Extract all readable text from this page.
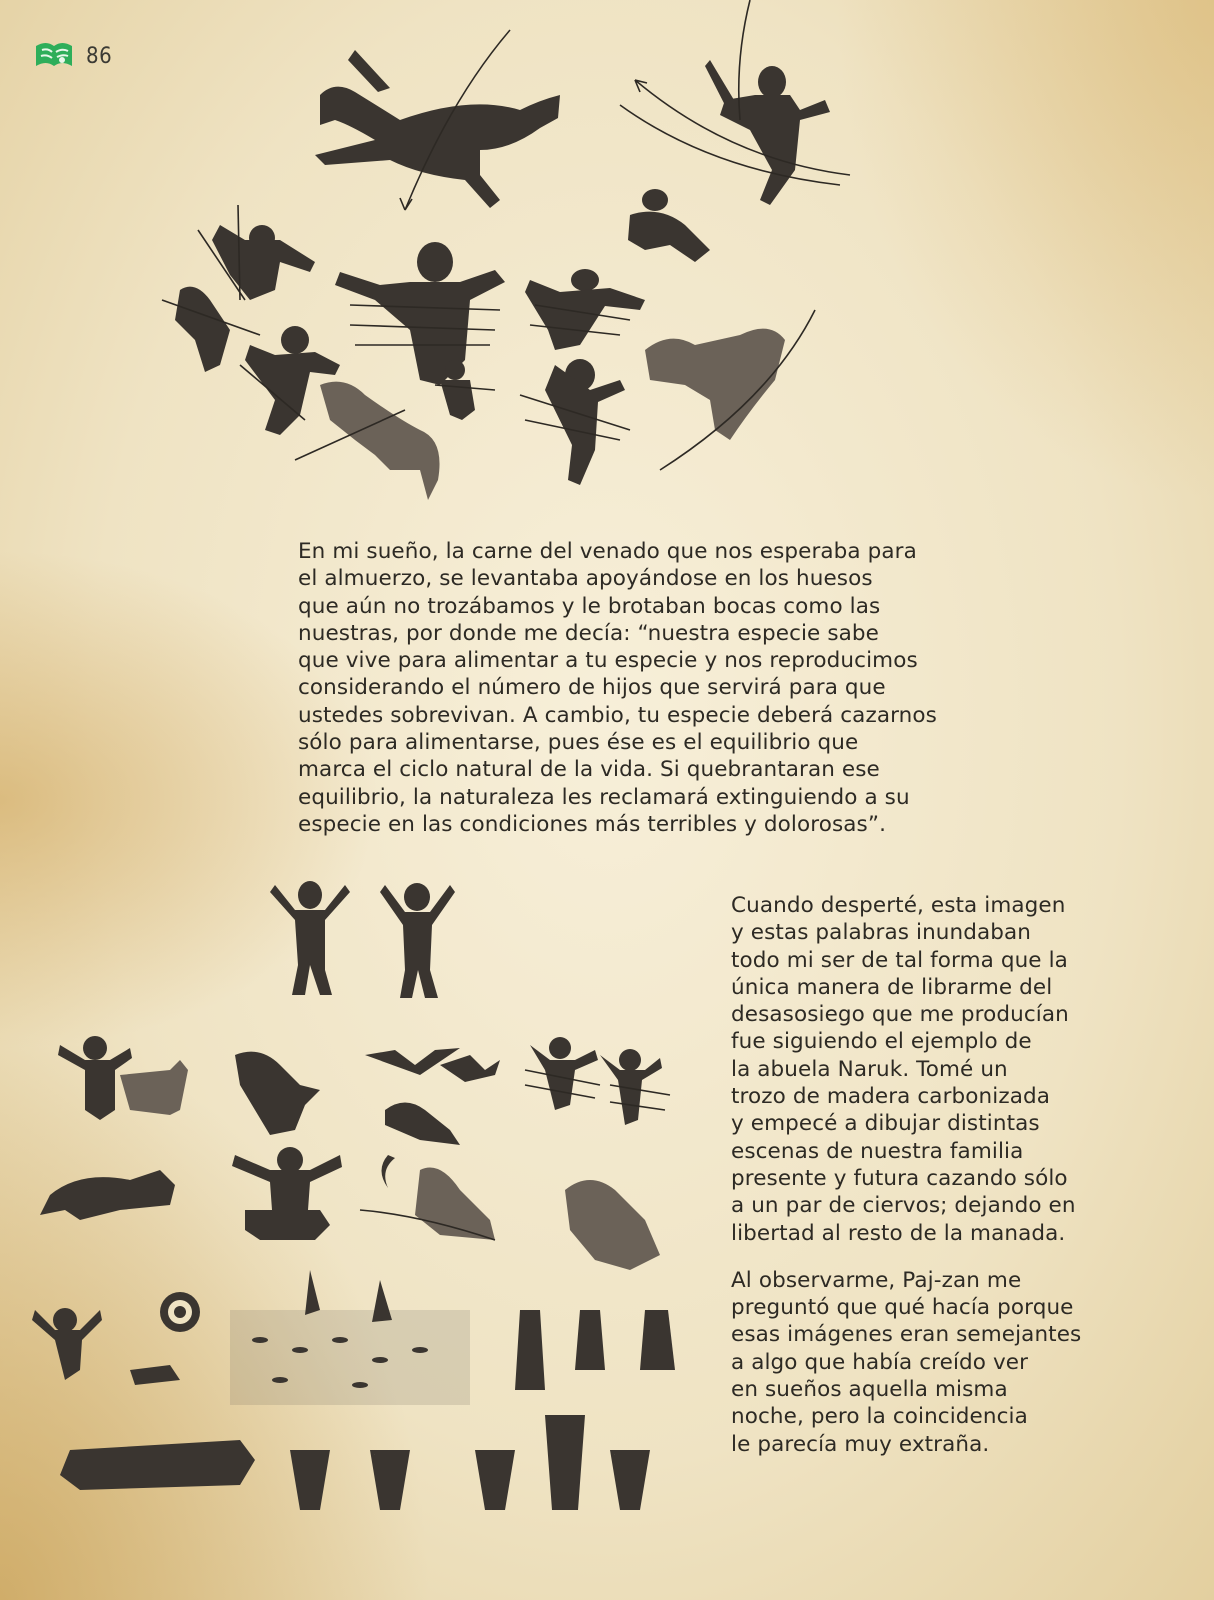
86

En mi sueño, la carne del venado que nos esperaba para
el almuerzo, se levantaba apoyándose en los huesos
que aún no trozábamos y le brotaban bocas como las
nuestras, por donde me decía: “nuestra especie sabe
que vive para alimentar a tu especie y nos reproducimos
considerando el número de hijos que servirá para que
ustedes sobrevivan. A cambio, tu especie deberá cazarnos
sólo para alimentarse, pues ése es el equilibrio que
marca el ciclo natural de la vida. Si quebrantaran ese
equilibrio, la naturaleza les reclamará extinguiendo a su
especie en las condiciones más terribles y dolorosas”.

Cuando desperté, esta imagen
y estas palabras inundaban
todo mi ser de tal forma que la
única manera de librarme del
desasosiego que me producían
fue siguiendo el ejemplo de
la abuela Naruk. Tomé un
trozo de madera carbonizada
y empecé a dibujar distintas
escenas de nuestra familia
presente y futura cazando sólo
a un par de ciervos; dejando en
libertad al resto de la manada.

Al observarme, Paj-zan me
preguntó que qué hacía porque
esas imágenes eran semejantes
a algo que había creído ver
en sueños aquella misma
noche, pero la coincidencia
le parecía muy extraña.
